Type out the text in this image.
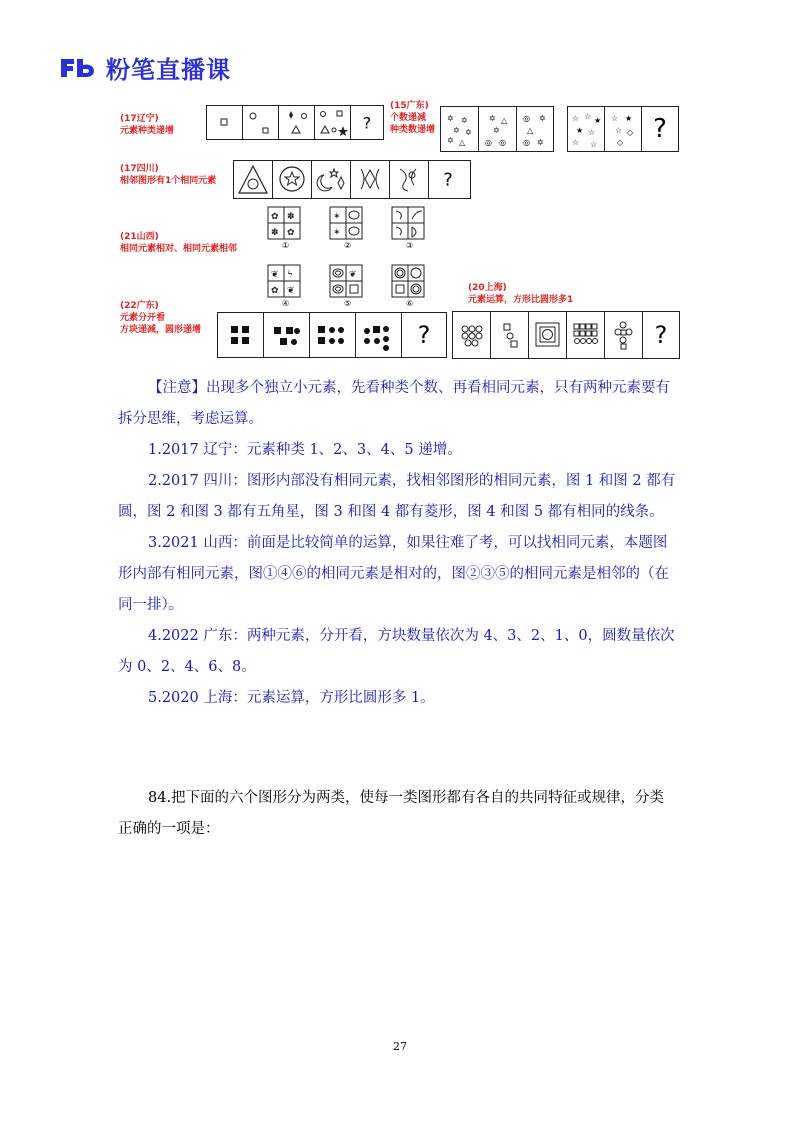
粉笔直播课
(17辽宁)
元素种类递增	?
(15广东)
个数递减
种类数递增
✡ ✡
✡ ✡
✡ △
✡ △
✡
◎ ◎
◎ ✡
△
◎ ✡
☆ ☆ ★
★ ☆
☆ ☆
☆ ★
☆ ◇
◇	?
(17四川)
相邻图形有1个相同元素	?
(21山西)
相同元素相对、相同元素相邻
✿ ✽
✽ ✿
✶
✶
❦ ϟ
✿ ❦
❦
①	②	③
④	⑤	⑥
(22广东)
元素分开看
方块递减，圆形递增	?
(20上海)
元素运算，方形比圆形多1
?

【注意】出现多个独立小元素，先看种类个数、再看相同元素，只有两种元素要有拆分思维，考虑运算。

1.2017 辽宁：元素种类 1、2、3、4、5 递增。

2.2017 四川：图形内部没有相同元素，找相邻图形的相同元素，图 1 和图 2 都有圆，图 2 和图 3 都有五角星，图 3 和图 4 都有菱形，图 4 和图 5 都有相同的线条。

3.2021 山西：前面是比较简单的运算，如果往难了考，可以找相同元素，本题图形内部有相同元素，图①④⑥的相同元素是相对的，图②③⑤的相同元素是相邻的（在同一排）。

4.2022 广东：两种元素，分开看，方块数量依次为 4、3、2、1、0，圆数量依次为 0、2、4、6、8。

5.2020 上海：元素运算，方形比圆形多 1。

84.把下面的六个图形分为两类，使每一类图形都有各自的共同特征或规律，分类正确的一项是：

27
